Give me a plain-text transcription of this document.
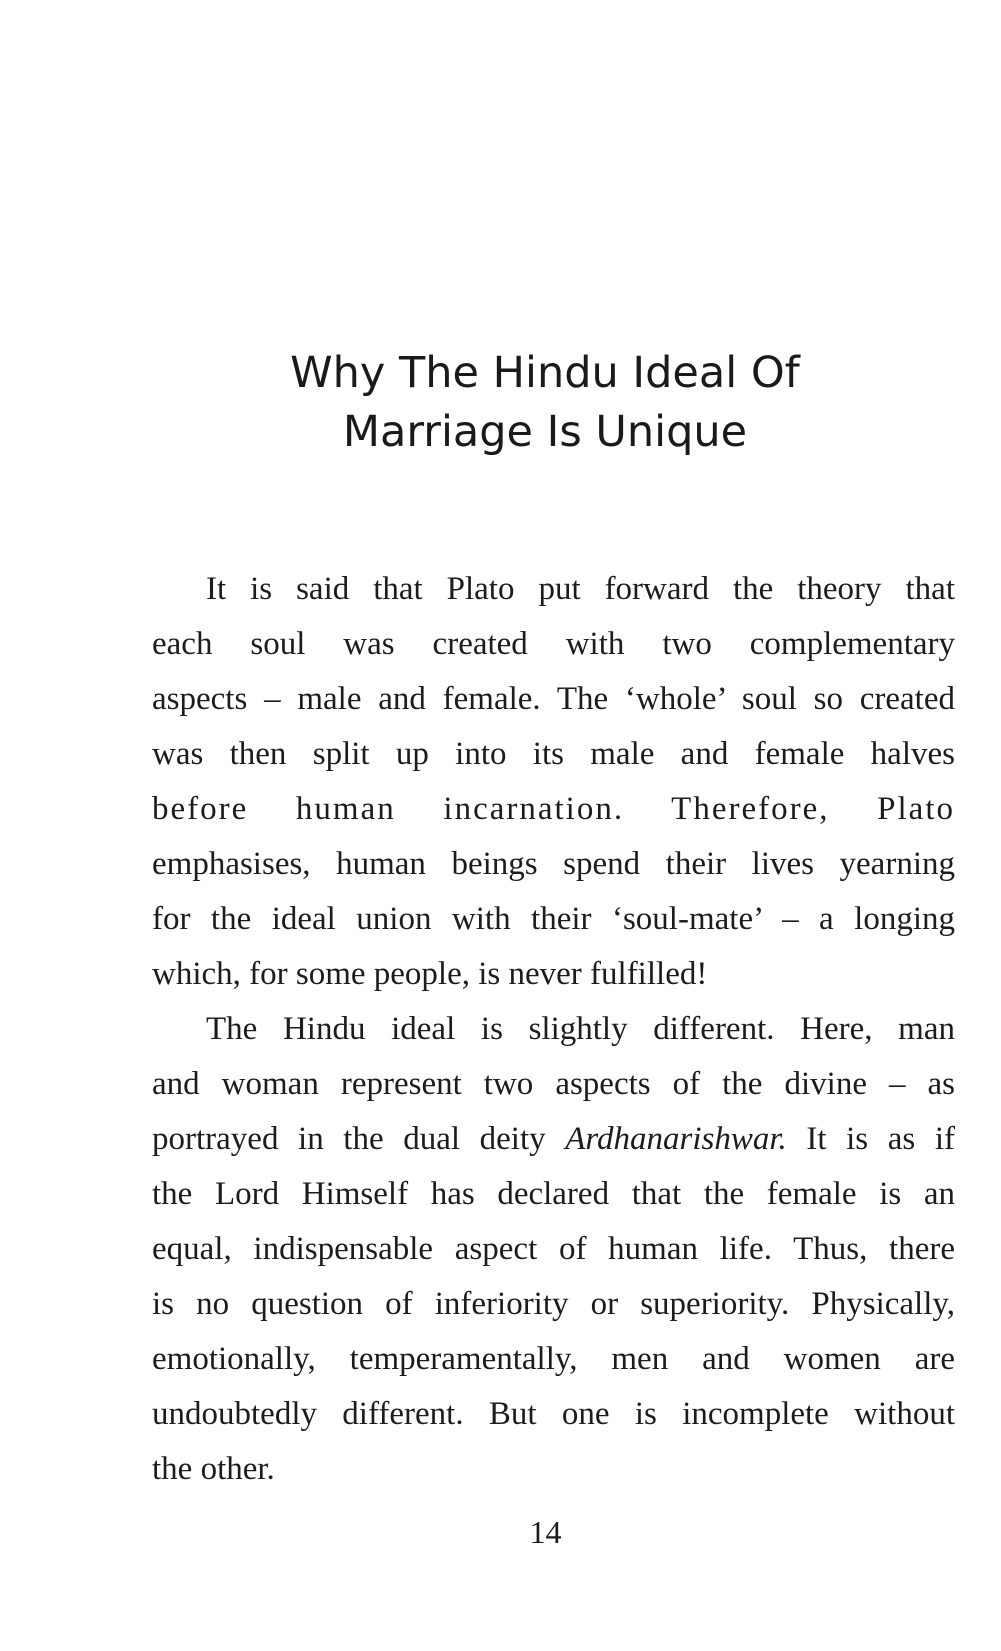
Why The Hindu Ideal Of
Marriage Is Unique
It is said that Plato put forward the theory that
each soul was created with two complementary
aspects – male and female. The ‘whole’ soul so created
was then split up into its male and female halves
before human incarnation. Therefore, Plato
emphasises, human beings spend their lives yearning
for the ideal union with their ‘soul-mate’ – a longing
which, for some people, is never fulfilled!
The Hindu ideal is slightly different. Here, man
and woman represent two aspects of the divine – as
portrayed in the dual deity Ardhanarishwar. It is as if
the Lord Himself has declared that the female is an
equal, indispensable aspect of human life. Thus, there
is no question of inferiority or superiority. Physically,
emotionally, temperamentally, men and women are
undoubtedly different. But one is incomplete without
the other.
14
